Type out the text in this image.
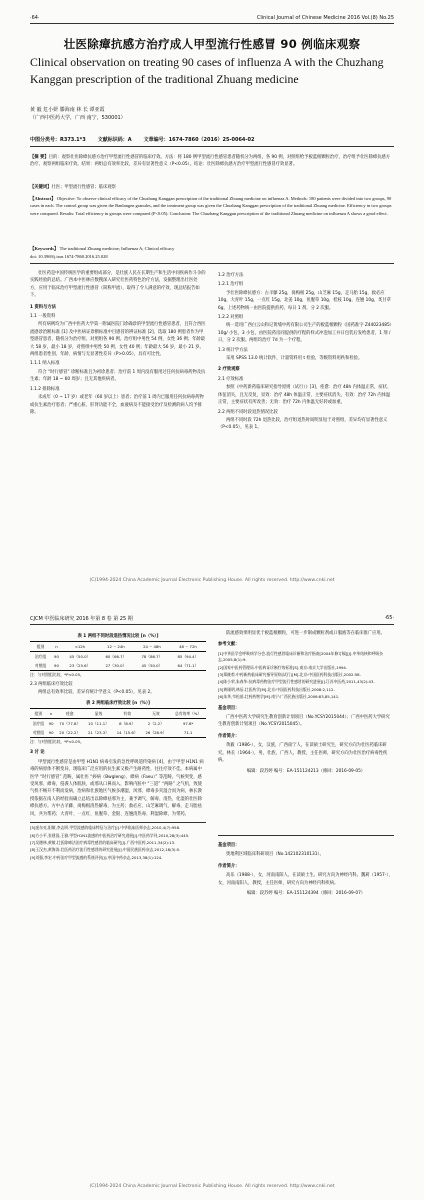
·64·	Clinical Journal of Chinese Medicine 2016 Vol.(8) No.25
壮医除瘴抗感方治疗成人甲型流行性感冒 90 例临床观察
Clinical observation on treating 90 cases of influenza A with the Chuzhang Kanggan prescription of the traditional Zhuang medicine
黄 毅 危小妍 滕海南 林 长 谭亚霞
（广西中医药大学，广西 南宁，530001）
中图分类号：R373.1*3 文献标识码：A 文章编号：1674-7860（2016）25-0064-02
【摘 要】目的：观察壮医除瘴抗感方治疗甲型流行性感冒的临床疗效。方法：将 180 例甲型流行性感冒患者随机分为两组，各 90 例，对照组给予板蓝根颗粒治疗，治疗组予壮医除瘴抗感方治疗。观察两组临床疗效。结果：两组总有效率比较，差异有显著性意义（P<0.05）。结论：壮医除瘴抗感方治疗甲型流行性感冒疗效显著。
【关键词】壮医；甲型流行性感冒；临床观察
【Abstract】 Objective: To observe clinical efficacy of the Chuzhang Kanggan prescription of the traditional Zhuang medicine on influenza A. Methods: 180 patients were divided into two groups, 90 cases in each. The control group was given the Banlangen granules, and the treatment group was given the Chuzhang Kanggan prescription of the traditional Zhuang medicine. Efficiency in two groups were compared. Results: Total efficiency in groups were compared (P<0.05). Conclusion: The Chuzhang Kanggan prescription of the traditional Zhuang medicine on influenza A shows a good effect.
【Keywords】 The traditional Zhuang medicine; Influenza A; Clinical efficacy
doi: 10.3969/j.issn.1674-7860.2016.25.028

壮医药是中国传统医学的重要组成部分，是壮族人民在长期生产和生活中同疾病作斗争的实践经验的总结。广西本中医林应数搜深入研究壮医药特色治疗方法，发掘整理出壮医处方，应用于临床治疗甲型流行性感冒（简称甲流），取得了令人满意的疗效，现总结报告如下。

1 资料与方法

1.1 一般资料

所有病例均为广西中医药大学第一附属医院门诊确诊的甲型流行性感冒患者，且符合西医流感诊治断标准 [1] 及中医病证诊断标准中目感冒的辨证标准 [2]，选取 180 例患者作为甲型感冒患者，随机分为治疗组、对照组各 90 例。治疗组中男性 54 例，女性 36 例；年龄最大 58 岁，最小 18 岁，对照组中男性 50 例，女性 40 例；年龄最大 56 岁，最小 21 岁。两组患者性别、年龄、病情与无显著性差异（P>0.05），具有可比性。

1.1.1 纳入标准

符合 “时行感冒” 诊断标准且为初诊患者；治疗前 1 周内没有服用过任何抗病毒药物及抗生素；年龄 18 ~ 60 周岁；且无其他疾病者。

1.1.2 排除标准

未成年（0 ~ 17 岁）或老年（60 岁以上）患者；治疗前 1 周内已服用任何抗病毒药物或抗生素治疗患者；严重心脏、肝肾功能不全、血液病及不能接受治疗及检测的病人均予排除。

1.2 治疗方法

1.2.1 治疗组

予壮医除瘴抗感方：古羊藤 25g，岗梅根 25g，山芝麻 15g，走马胎 15g，救必应 10g，大青叶 15g，一点红 15g，北姜 10g，鱼腥草 10g，桂枝 10g，连翘 10g，炙甘草 6g，上述药物统一由医院提供煎药，每日 1 剂，分 2 次服。

1.2.2 对照组

统一选用广西白云山和记黄埔中药有限公司生产的板蓝根颗粒（国药准字 Z44023485）10g/ 小包，3 小包，由医院药房同提供的疗程的样式冲泡加工并日包装后发给患者，1 剂 / 日，分 2 次服。两组均治疗 7d 为一个疗程。

1.3 统计学方法

采用 SPSS 13.0 统计软件，计量资料用 t 检验，等级资料用秩和检验。

2 疗效观察

2.1 疗效标准

参照《中药新药临床研究指导原则（试行）》[3]，痊愈：治疗 48h 内体温正常，症状、体征消失，且无反复，显效：治疗 48h 体温正常，主要症状消失，有效：治疗 72h 内体温正常，主要症状有所改善；无效：治疗 72h 内体温无好转或加重。

2.2 两组不同时段退热情况比较

两组不同时段 72h 退热比较，治疗组退热时间明显短于对照组，差异均有显著性意义（P<0.05），见表 1。

(C)1994-2024 China Academic Journal Electronic Publishing House. All rights reserved. http://www.cnki.net
CJCM 中医临床研究 2016 年第 8 卷 第 25 期	·65·
表 1 两组不同时段退热情况比较 [n（%）]
组别	n	<12h	12 ~ 24h	24 ~ 48h	48 ~ 72h
治疗组	90	45（50.0）	60（66.7）	78（86.7）	85（94.4）
对照组	90	23（25.6）	27（30.0）	45（50.0）	64（71.1）

注：与对照组比较，*P<0.05。

2.3 两组临床疗效比较

两组总有效率比较，差异有统计学意义（P<0.05），见表 2。

表 2 两组临床疗效比较 [n（%）]
组别	n	痊愈	显效	有效	无效	总有效率（%）
治疗组	90	70（77.8）	10（11.1）	8（8.9）	2（2.2）	97.8*
对照组	90	20（22.2）	21（23.3）	14（15.6）	26（28.9）	71.1

注：与对照组比较，*P<0.05。

3 讨 论

甲型流行性感冒是由甲型 H1N1 病毒引发的急性呼吸道传染病 [4]，由于甲型 H1N1 病毒的病原体不断变异，现临床广泛应用的抗生素又极产生耐药性，往往疗效不佳。本病属中医学 “时行感冒” 范畴，属壮医 “痧病（Bwgleng）、瘴病（Faeu）” 等范畴。气候突变，感受风邪、瘴毒，侵袭人体肌肤，或邪从口鼻而入，影响内脏中 “三道” “两路” 之气机，致使气机不畅升不利而发病，治病和壮族地区气候多潮湿，风邪、瘴毒多夹湿合而为病，林长教授依据在南人的经验而确立总结出以除瘴祛邪为主，兼予调气、解毒、清热、化湿的壮医除瘴抗感方。方中古羊藤、岗梅根清热解毒，为主药；救必应、山芝麻调气、解毒，走马胎祛风，共为帮药；大青叶、一点红、鱼腥草、金银、连翘清热毒、利湿除瘴，为带药。

[5]庞东亮,阳敏,李志明.甲型流感的临床特征与治疗[J].中华临床医师杂志,2010,4(7):958.

[6]方小平,张建国,王雅.甲型H1N1流感的中医药治疗研究进展[J].中医药学刊,2010,28(3):445.

[7]吴德林,黄敏.壮医除瘴法治疗病毒性感冒的临床研究[J].广西中医药,2011,34(2):13.

[8]王汉杰,黄海涛.壮医药治疗流行性感冒的研究进展[J].中国民族医药杂志,2012,18(3):5.

[9]刘强,李宏.中药治疗甲型流感的系统评价[J].中国中药杂志,2013,38(1):124.

防流感效果明显优于板蓝根颗粒，可进一步制成颗粒剂或口服液等在临床推广应用。

参考文献：

[1]中华医学会呼吸病学分会.流行性感冒临床诊断和治疗指南[2004年修订稿][J].中华结核和呼吸杂志,2005,8(1):9.

[2]国家中医药管理局.中医病证诊断疗效标准[S].南京:南京大学出版社,1994.

[3]郑筱萸.中药新药临床研究指导原则(试行)[M].北京:中国医药科技出版社,2002:58.

[4]陈小荣,朱春华.抗病毒药物治疗甲型流行性感冒的研究进展[J].江苏中医药,2011,43(2):43.

[5]黄瑾明,林辰.壮医药学[M].北京:中国医药科技出版社,2008:2,112.

[6]朱华,韦松基.壮药药物学[M].南宁:广西民族出版社,2006:83,85,141.

基金项目：

广西中医药大学研究生教育创新计划项目（No.YCSY2015044）；广西中医药大学研究生教育创新计划项目（No.YCSY2015045）。

作者简介：

黄毅（1986-），女，汉族，广西南宁人，在读硕士研究生，研究方向为壮医药临床研究。林长（1964-），男，壮族，广西人，教授，主任医师，研究方向为壮医治疗病毒性疾病。

编辑：段苏婷 编号：EA-151124213（修回：2016-09-05）

基金项目：

奥地利区域临床科研项目（No.142102310131）。

作者简介：

高乐（1988-），女，河南南阳人，在读硕士生。研究方向为神经内科。魏莉（1957-），女，河南南阳人，教授，主任医师，研究方向为神经内科疾病。

编辑：段苏婷 编号：EA-151124394（修回：2016-09-07）

(C)1994-2024 China Academic Journal Electronic Publishing House. All rights reserved. http://www.cnki.net
